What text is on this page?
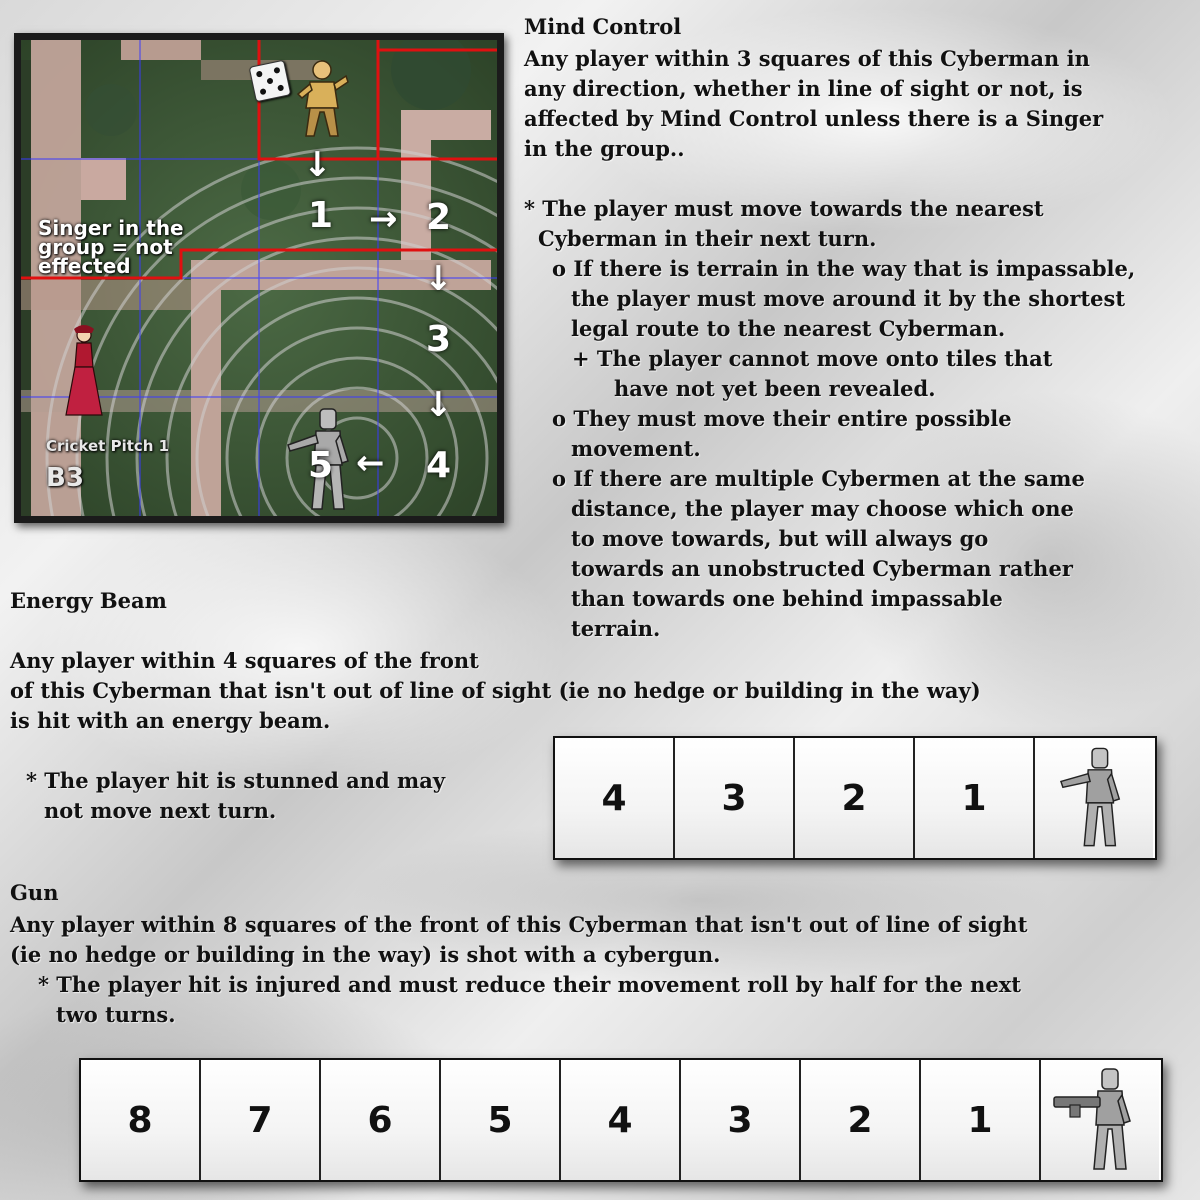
Singer in the
group = not
effected
↓
1 → 2
↓
3
↓
4
←
5
Cricket Pitch 1
B3
Mind Control
Any player within 3 squares of this Cyberman in
any direction, whether in line of sight or not, is
affected by Mind Control unless there is a Singer
in the group..
* The player must move towards the nearest
Cyberman in their next turn.
o If there is terrain in the way that is impassable,
the player must move around it by the shortest
legal route to the nearest Cyberman.
+ The player cannot move onto tiles that
have not yet been revealed.
o They must move their entire possible
movement.
o If there are multiple Cybermen at the same
distance, the player may choose which one
to move towards, but will always go
towards an unobstructed Cyberman rather
than towards one behind impassable
terrain.
Energy Beam
Any player within 4 squares of the front
of this Cyberman that isn't out of line of sight (ie no hedge or building in the way)
is hit with an energy beam.
* The player hit is stunned and may
not move next turn.	4	3	2	1
Gun
Any player within 8 squares of the front of this Cyberman that isn't out of line of sight
(ie no hedge or building in the way) is shot with a cybergun.
* The player hit is injured and must reduce their movement roll by half for the next
two turns.
8	7	6	5	4	3	2	1
